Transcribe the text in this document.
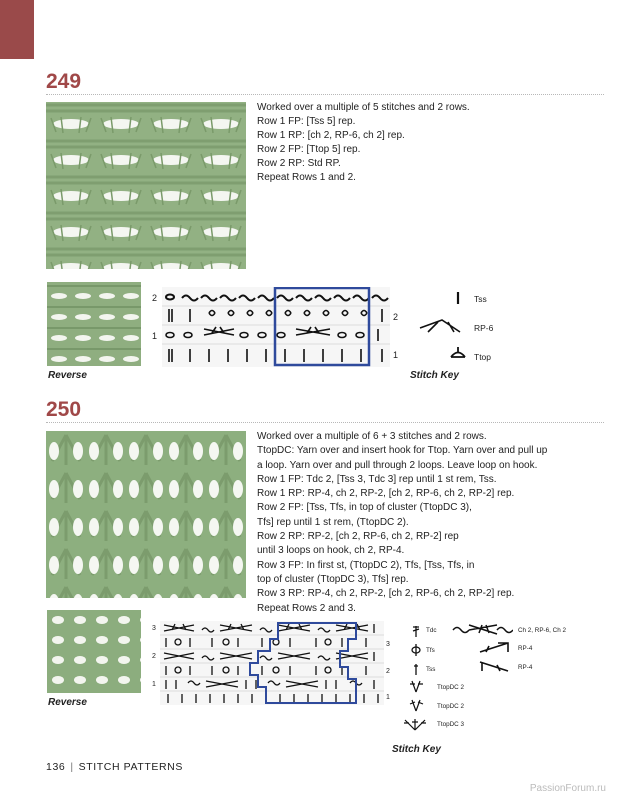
249
Worked over a multiple of 5 stitches and 2 rows.
Row 1 FP: [Tss 5] rep.
Row 1 RP: [ch 2, RP-6, ch 2] rep.
Row 2 FP: [Ttop 5] rep.
Row 2 RP: Std RP.
Repeat Rows 1 and 2.
Reverse
2
1
2
1
Tss
RP-6
Ttop
Stitch Key
250
Worked over a multiple of 6 + 3 stitches and 2 rows.
TtopDC: Yarn over and insert hook for Ttop. Yarn over and pull up
a loop. Yarn over and pull through 2 loops. Leave loop on hook.
Row 1 FP: Tdc 2, [Tss 3, Tdc 3] rep until 1 st rem, Tss.
Row 1 RP: RP-4, ch 2, RP-2, [ch 2, RP-6, ch 2, RP-2] rep.
Row 2 FP: [Tss, Tfs, in top of cluster (TtopDC 3),
Tfs] rep until 1 st rem, (TtopDC 2).
Row 2 RP: RP-2, [ch 2, RP-6, ch 2, RP-2] rep
until 3 loops on hook, ch 2, RP-4.
Row 3 FP: In first st, (TtopDC 2), Tfs, [Tss, Tfs, in
top of cluster (TtopDC 3), Tfs] rep.
Row 3 RP: RP-4, ch 2, RP-2, [ch 2, RP-6, ch 2, RP-2] rep.
Repeat Rows 2 and 3.
Reverse
3
2
1
3
2
1
Tdc
Tfs
Tss
TtopDC 2
TtopDC 2
TtopDC 3
Ch 2, RP-6, Ch 2
RP-4
RP-4
Stitch Key
136 | STITCH PATTERNS
PassionForum.ru
